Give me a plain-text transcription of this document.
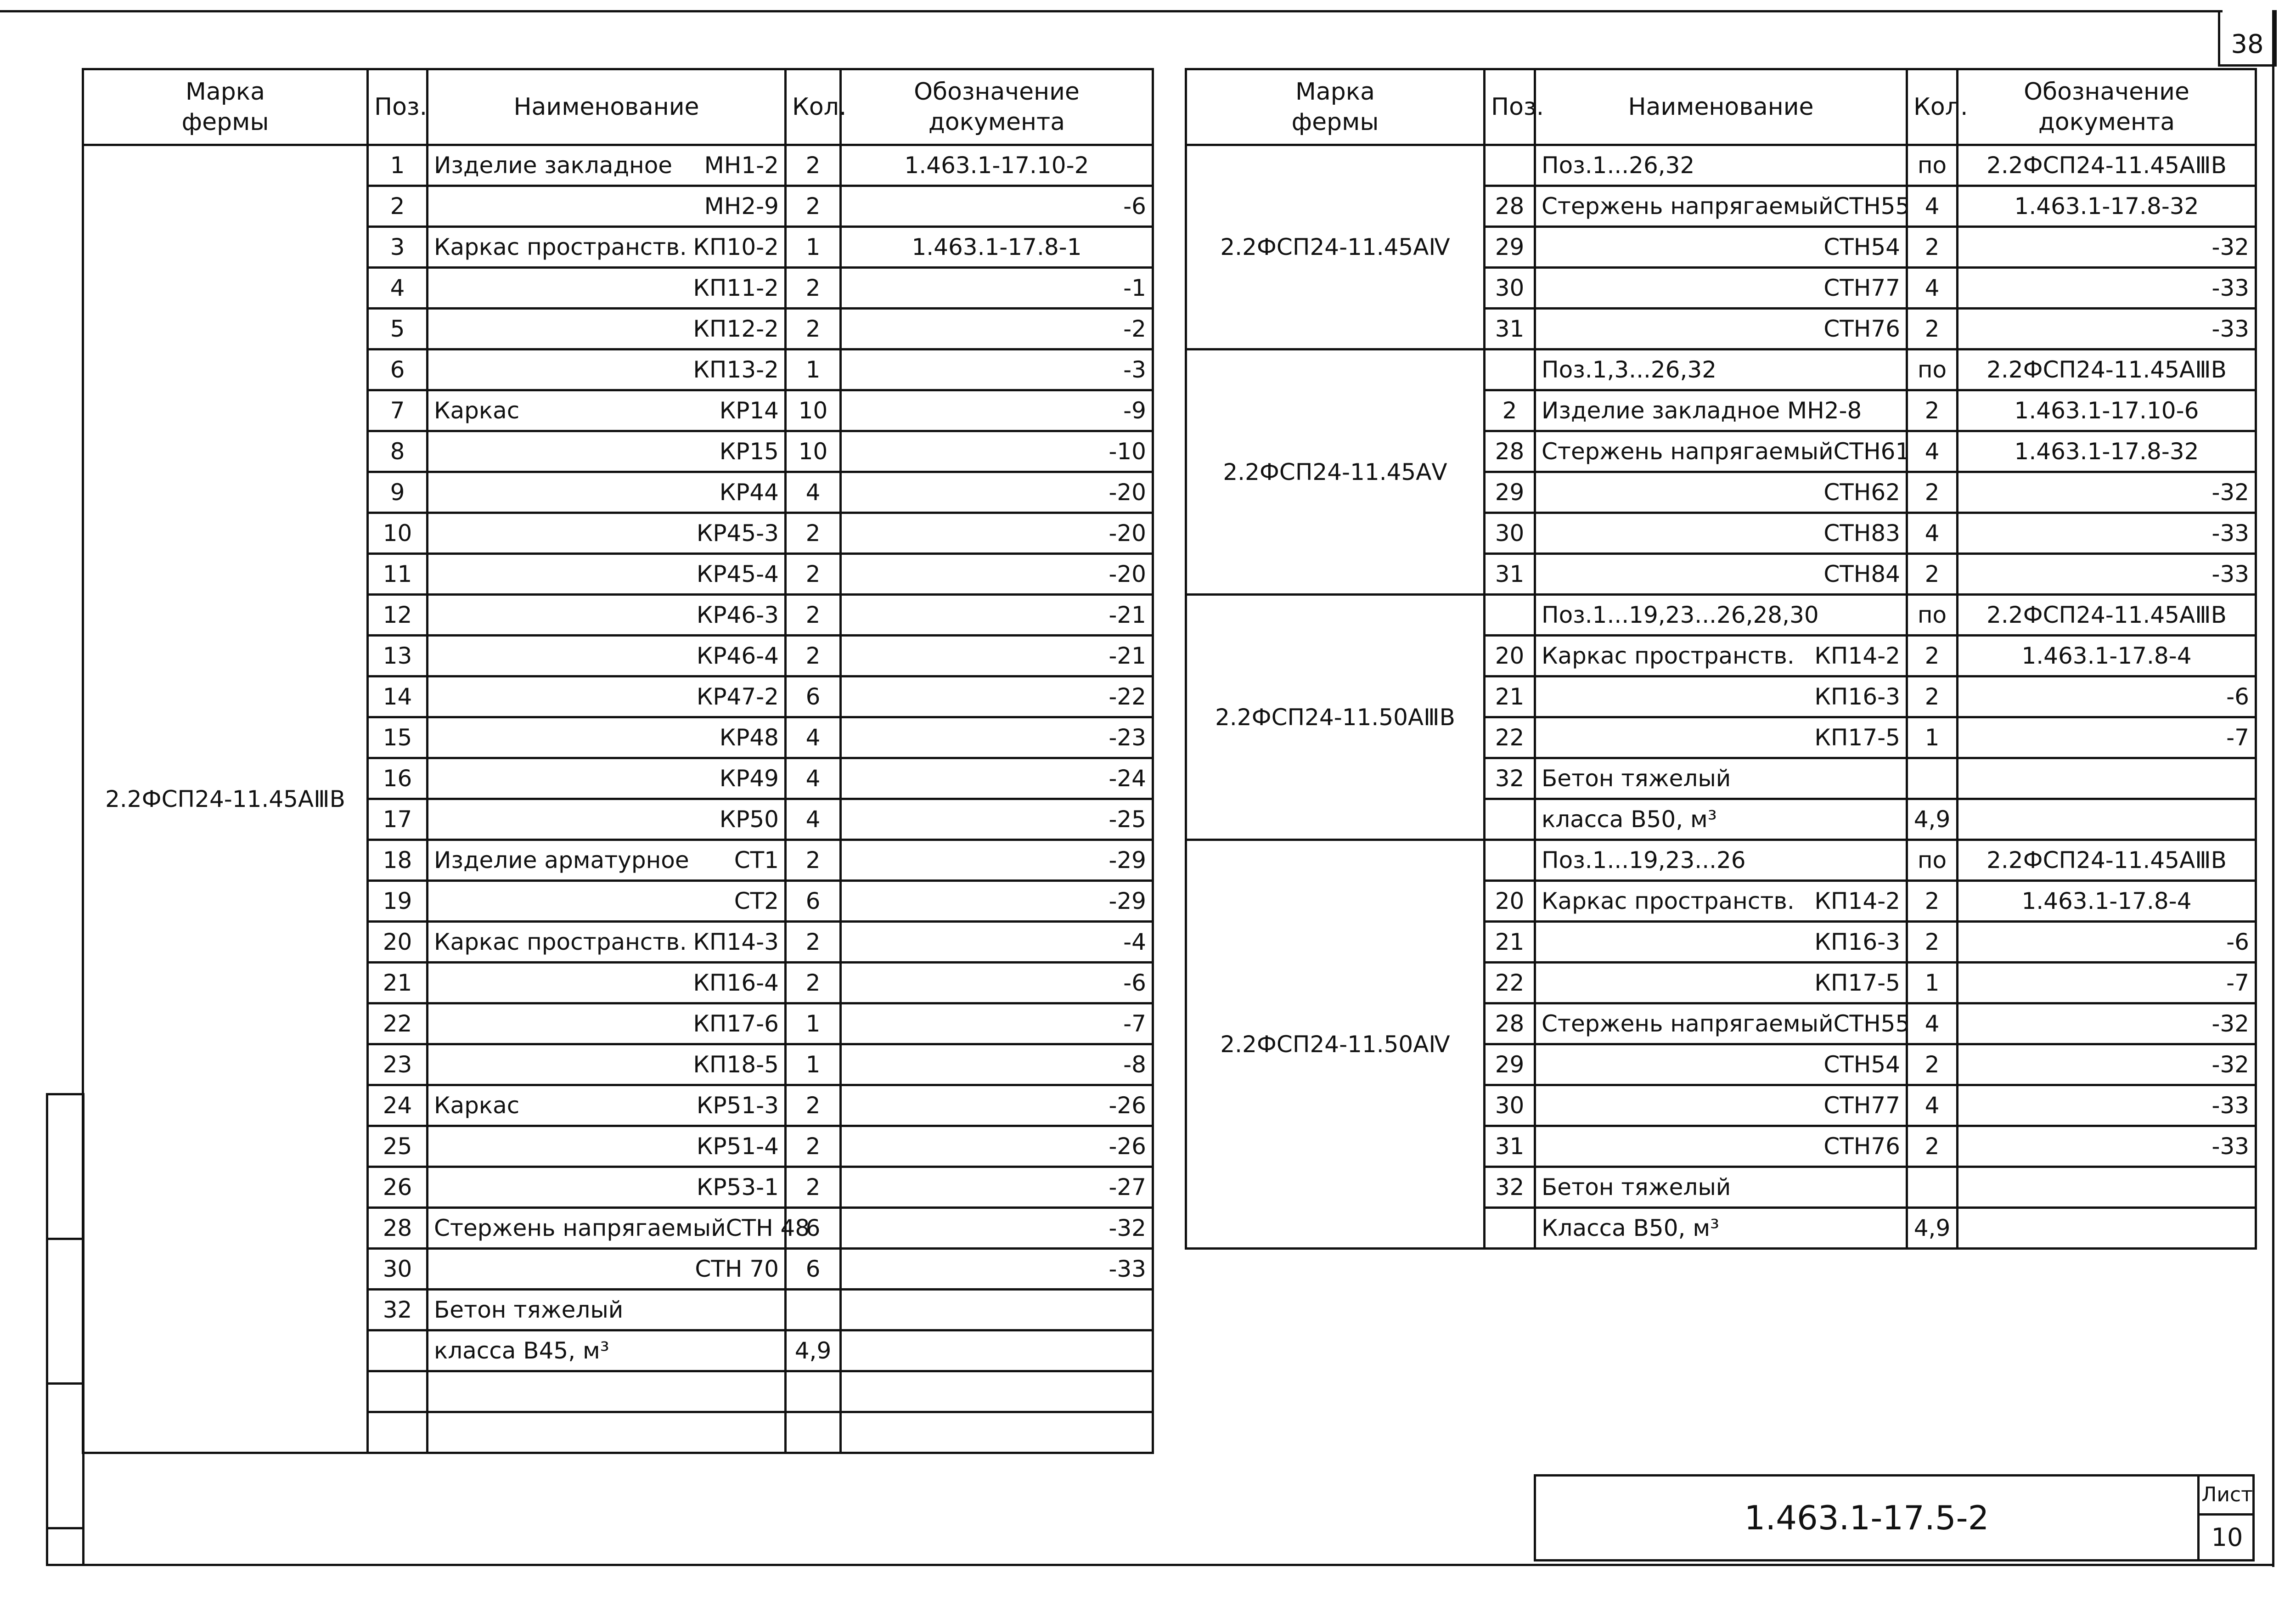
38
Марка
фермы	Поз.	Наименование	Кол.	Обозначение
документа
2.2ФСП24-11.45АⅢВ	1	Изделие закладное МН1-2	2	1.463.1-17.10-2
	2	МН2-9	2	-6
	3	Каркас пространств. КП10-2	1	1.463.1-17.8-1
	4	КП11-2	2	-1
	5	КП12-2	2	-2
	6	КП13-2	1	-3
	7	Каркас КР14	10	-9
	8	КР15	10	-10
	9	КР44	4	-20
	10	КР45-3	2	-20
	11	КР45-4	2	-20
	12	КР46-3	2	-21
	13	КР46-4	2	-21
	14	КР47-2	6	-22
	15	КР48	4	-23
	16	КР49	4	-24
	17	КР50	4	-25
	18	Изделие арматурное СТ1	2	-29
	19	СТ2	6	-29
	20	Каркас пространств. КП14-3	2	-4
	21	КП16-4	2	-6
	22	КП17-6	1	-7
	23	КП18-5	1	-8
	24	Каркас КР51-3	2	-26
	25	КР51-4	2	-26
	26	КР53-1	2	-27
	28	Стержень напрягаемый СТН 48	6	-32
	30	СТН 70	6	-33
	32	Бетон тяжелый		

		класса В45, м³	4,9	

Марка
фермы	Поз.	Наименование	Кол.	Обозначение
документа
2.2ФСП24-11.45АⅣ		Поз.1...26,32	по	2.2ФСП24-11.45АⅢВ
	28	Стержень напрягаемый СТН55	4	1.463.1-17.8-32
	29	СТН54	2	-32
	30	СТН77	4	-33
	31	СТН76	2	-33
2.2ФСП24-11.45АⅤ		Поз.1,3...26,32	по	2.2ФСП24-11.45АⅢВ
	2	Изделие закладное МН2-8	2	1.463.1-17.10-6
	28	Стержень напрягаемый СТН61	4	1.463.1-17.8-32
	29	СТН62	2	-32
	30	СТН83	4	-33
	31	СТН84	2	-33
2.2ФСП24-11.50АⅢВ		Поз.1...19,23...26,28,30	по	2.2ФСП24-11.45АⅢВ
	20	Каркас пространств. КП14-2	2	1.463.1-17.8-4
	21	КП16-3	2	-6
	22	КП17-5	1	-7
	32	Бетон тяжелый		

		класса В50, м³	4,9	
2.2ФСП24-11.50АⅣ		Поз.1...19,23...26	по	2.2ФСП24-11.45АⅢВ
	20	Каркас пространств. КП14-2	2	1.463.1-17.8-4
	21	КП16-3	2	-6
	22	КП17-5	1	-7
	28	Стержень напрягаемый СТН55	4	-32
	29	СТН54	2	-32
	30	СТН77	4	-33
	31	СТН76	2	-33
	32	Бетон тяжелый		

		Класса В50, м³	4,9	
1.463.1-17.5-2
Лист
10
